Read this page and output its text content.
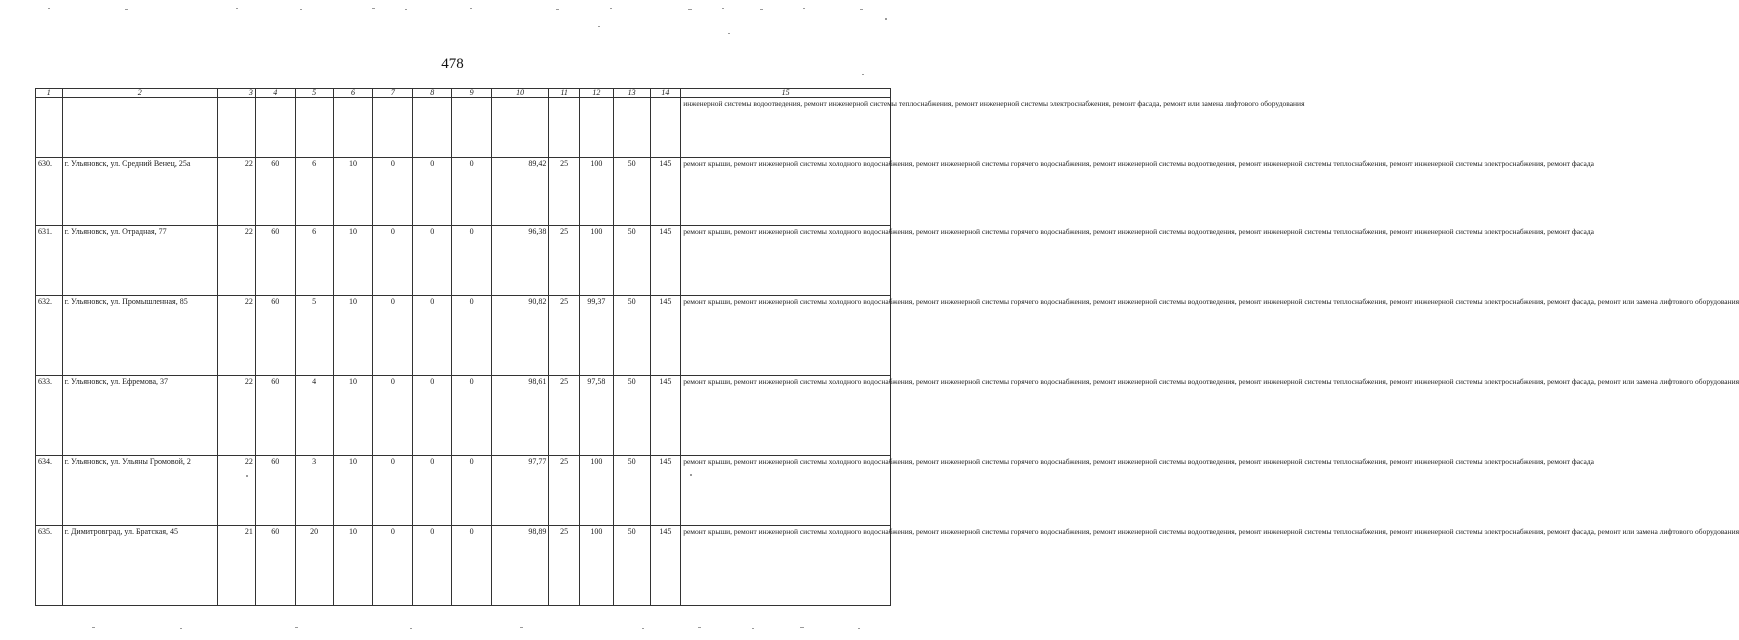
478
1	2	3	4	5	6	7	8	9	10	11	12	13	14	15
														инженерной системы водоотведения, ремонт инженерной системы теплоснабжения, ремонт инженерной системы электроснабжения, ремонт фасада, ремонт или замена лифтового оборудования
630.	г. Ульяновск, ул. Средний Венец, 25а	22	60	6	10	0	0	0	89,42	25	100	50	145	ремонт крыши, ремонт инженерной системы холодного водоснабжения, ремонт инженерной системы горячего водоснабжения, ремонт инженерной системы водоотведения, ремонт инженерной системы теплоснабжения, ремонт инженерной системы электроснабжения, ремонт фасада
631.	г. Ульяновск, ул. Отрадная, 77	22	60	6	10	0	0	0	96,38	25	100	50	145	ремонт крыши, ремонт инженерной системы холодного водоснабжения, ремонт инженерной системы горячего водоснабжения, ремонт инженерной системы водоотведения, ремонт инженерной системы теплоснабжения, ремонт инженерной системы электроснабжения, ремонт фасада
632.	г. Ульяновск, ул. Промышленная, 85	22	60	5	10	0	0	0	90,82	25	99,37	50	145	ремонт крыши, ремонт инженерной системы холодного водоснабжения, ремонт инженерной системы горячего водоснабжения, ремонт инженерной системы водоотведения, ремонт инженерной системы теплоснабжения, ремонт инженерной системы электроснабжения, ремонт фасада, ремонт или замена лифтового оборудования
633.	г. Ульяновск, ул. Ефремова, 37	22	60	4	10	0	0	0	98,61	25	97,58	50	145	ремонт крыши, ремонт инженерной системы холодного водоснабжения, ремонт инженерной системы горячего водоснабжения, ремонт инженерной системы водоотведения, ремонт инженерной системы теплоснабжения, ремонт инженерной системы электроснабжения, ремонт фасада, ремонт или замена лифтового оборудования
634.	г. Ульяновск, ул. Ульяны Громовой, 2	22	60	3	10	0	0	0	97,77	25	100	50	145	ремонт крыши, ремонт инженерной системы холодного водоснабжения, ремонт инженерной системы горячего водоснабжения, ремонт инженерной системы водоотведения, ремонт инженерной системы теплоснабжения, ремонт инженерной системы электроснабжения, ремонт фасада
635.	г. Димитровград, ул. Братская, 45	21	60	20	10	0	0	0	98,89	25	100	50	145	ремонт крыши, ремонт инженерной системы холодного водоснабжения, ремонт инженерной системы горячего водоснабжения, ремонт инженерной системы водоотведения, ремонт инженерной системы теплоснабжения, ремонт инженерной системы электроснабжения, ремонт фасада, ремонт или замена лифтового оборудования
